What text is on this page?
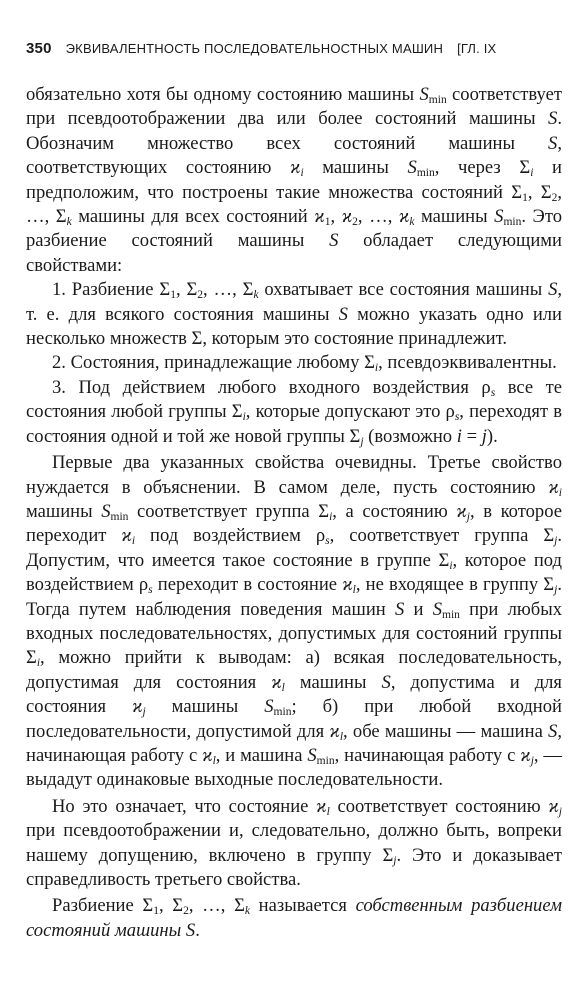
350 ЭКВИВАЛЕНТНОСТЬ ПОСЛЕДОВАТЕЛЬНОСТНЫХ МАШИН [ГЛ. IX

обязательно хотя бы одному состоянию машины $S_{min}$ соответствует при псевдоотображении два или более состояний машины S. Обозначим множество всех состояний машины S, соответствующих состоянию $ϰ_i$ машины $S_{min}$, через $\Sigma_i$ и предположим, что построены такие множества состояний $\Sigma_1$, $\Sigma_2$, …, $\Sigma_k$ машины для всех состояний $ϰ_1$, $ϰ_2$, …, $ϰ_k$ машины $S_{min}$. Это разбиение состояний машины S обладает следующими свойствами:

1. Разбиение $\Sigma_1$, $\Sigma_2$, …, $\Sigma_k$ охватывает все состояния машины S, т. е. для всякого состояния машины S можно указать одно или несколько множеств Σ, которым это состояние принадлежит.

2. Состояния, принадлежащие любому $\Sigma_i$, псевдоэквивалентны.

3. Под действием любого входного воздействия $\rho_s$ все те состояния любой группы $\Sigma_i$, которые допускают это $\rho_s$, переходят в состояния одной и той же новой группы $\Sigma_j$ (возможно i = j).

Первые два указанных свойства очевидны. Третье свойство нуждается в объяснении. В самом деле, пусть состоянию $ϰ_i$ машины $S_{min}$ соответствует группа $\Sigma_i$, а состоянию $ϰ_j$, в которое переходит $ϰ_i$ под воздействием $\rho_s$, соответствует группа $\Sigma_j$. Допустим, что имеется такое состояние в группе $\Sigma_i$, которое под воздействием $\rho_s$ переходит в состояние $ϰ_l$, не входящее в группу $\Sigma_j$. Тогда путем наблюдения поведения машин S и $S_{min}$ при любых входных последовательностях, допустимых для состояний группы $\Sigma_i$, можно прийти к выводам: а) всякая последовательность, допустимая для состояния $ϰ_l$ машины S, допустима и для состояния $ϰ_j$ машины $S_{min}$; б) при любой входной последовательности, допустимой для $ϰ_l$, обе машины — машина S, начинающая работу с $ϰ_l$, и машина $S_{min}$, начинающая работу с $ϰ_j$, — выдадут одинаковые выходные последовательности.

Но это означает, что состояние $ϰ_l$ соответствует состоянию $ϰ_j$ при псевдоотображении и, следовательно, должно быть, вопреки нашему допущению, включено в группу $\Sigma_j$. Это и доказывает справедливость третьего свойства.

Разбиение $\Sigma_1$, $\Sigma_2$, …, $\Sigma_k$ называется собственным разбиением состояний машины S.
